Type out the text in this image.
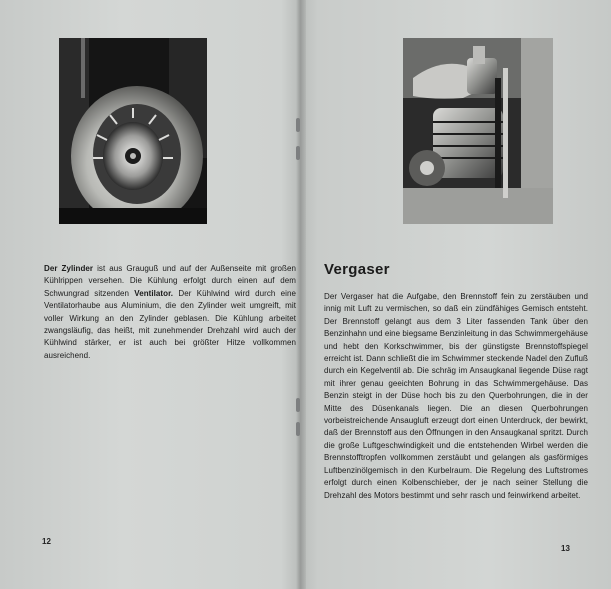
Der Zylinder ist aus Grauguß und auf der Außenseite mit großen Kühlrippen versehen. Die Kühlung erfolgt durch einen auf dem Schwungrad sitzenden Ventilator. Der Kühlwind wird durch eine Ventilatorhaube aus Aluminium, die den Zylinder weit umgreift, mit voller Wirkung an den Zylinder geblasen. Die Kühlung arbeitet zwangsläufig, das heißt, mit zunehmender Drehzahl wird auch der Kühlwind stärker, er ist auch bei größter Hitze vollkommen ausreichend.
12
Vergaser
Der Vergaser hat die Aufgabe, den Brennstoff fein zu zerstäuben und innig mit Luft zu vermischen, so daß ein zündfähiges Gemisch entsteht. Der Brennstoff gelangt aus dem 3 Liter fassenden Tank über den Benzinhahn und eine biegsame Benzinleitung in das Schwimmergehäuse und hebt den Korkschwimmer, bis der günstigste Brennstoffspiegel erreicht ist. Dann schließt die im Schwimmer steckende Nadel den Zufluß durch ein Kegelventil ab. Die schräg im Ansaugkanal liegende Düse ragt mit ihrer genau geeichten Bohrung in das Schwimmergehäuse. Das Benzin steigt in der Düse hoch bis zu den Querbohrungen, die in der Mitte des Düsenkanals liegen. Die an diesen Querbohrungen vorbeistreichende Ansaugluft erzeugt dort einen Unterdruck, der bewirkt, daß der Brennstoff aus den Öffnungen in den Ansaugkanal spritzt. Durch die große Luftgeschwindigkeit und die entstehenden Wirbel werden die Brennstofftropfen vollkommen zerstäubt und gelangen als gasförmiges Luftbenzinölgemisch in den Kurbelraum. Die Regelung des Luftstromes erfolgt durch einen Kolbenschieber, der je nach seiner Stellung die Drehzahl des Motors bestimmt und sehr rasch und feinwirkend arbeitet.
13
